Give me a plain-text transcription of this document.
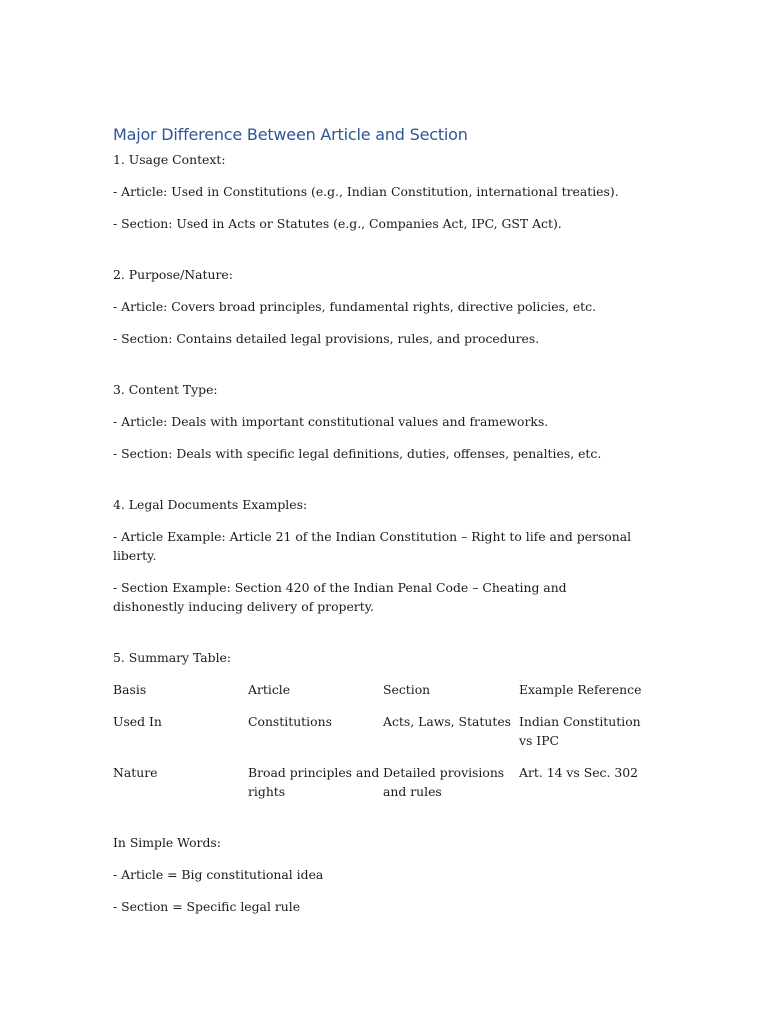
Major Difference Between Article and Section

1. Usage Context:

- Article: Used in Constitutions (e.g., Indian Constitution, international treaties).

- Section: Used in Acts or Statutes (e.g., Companies Act, IPC, GST Act).

2. Purpose/Nature:

- Article: Covers broad principles, fundamental rights, directive policies, etc.

- Section: Contains detailed legal provisions, rules, and procedures.

3. Content Type:

- Article: Deals with important constitutional values and frameworks.

- Section: Deals with specific legal definitions, duties, offenses, penalties, etc.

4. Legal Documents Examples:

- Article Example: Article 21 of the Indian Constitution – Right to life and personal liberty.

- Section Example: Section 420 of the Indian Penal Code – Cheating and dishonestly inducing delivery of property.

5. Summary Table:

Basis	Article	Section	Example Reference
Used In	Constitutions	Acts, Laws, Statutes	Indian Constitution vs IPC
Nature	Broad principles and rights	Detailed provisions and rules	Art. 14 vs Sec. 302

In Simple Words:

- Article = Big constitutional idea

- Section = Specific legal rule
